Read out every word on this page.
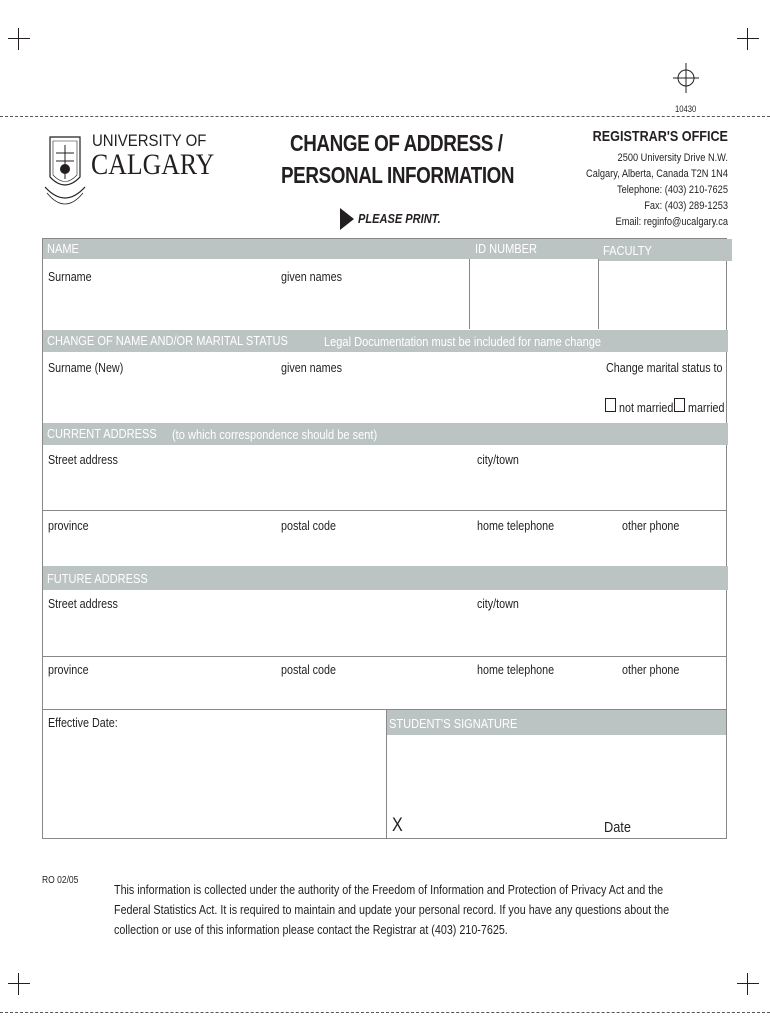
10430
UNIVERSITY OF
CALGARY
CHANGE OF ADDRESS /
PERSONAL INFORMATION
PLEASE PRINT.
REGISTRAR'S OFFICE
2500 University Drive N.W.
Calgary, Alberta, Canada T2N 1N4
Telephone: (403) 210-7625
Fax: (403) 289-1253
Email: reginfo@ucalgary.ca
NAME	ID NUMBER	FACULTY
Surname	given names
CHANGE OF NAME AND/OR MARITAL STATUS	Legal Documentation must be included for name change
Surname (New)	given names	Change marital status to
not married married
CURRENT ADDRESS	(to which correspondence should be sent)
Street address	city/town
province	postal code	home telephone	other phone
FUTURE ADDRESS
Street address	city/town
province	postal code	home telephone	other phone
Effective Date:	STUDENT'S SIGNATURE
X	Date
RO 02/05
This information is collected under the authority of the Freedom of Information and Protection of Privacy Act and the Federal Statistics Act. It is required to maintain and update your personal record. If you have any questions about the collection or use of this information please contact the Registrar at (403) 210-7625.
